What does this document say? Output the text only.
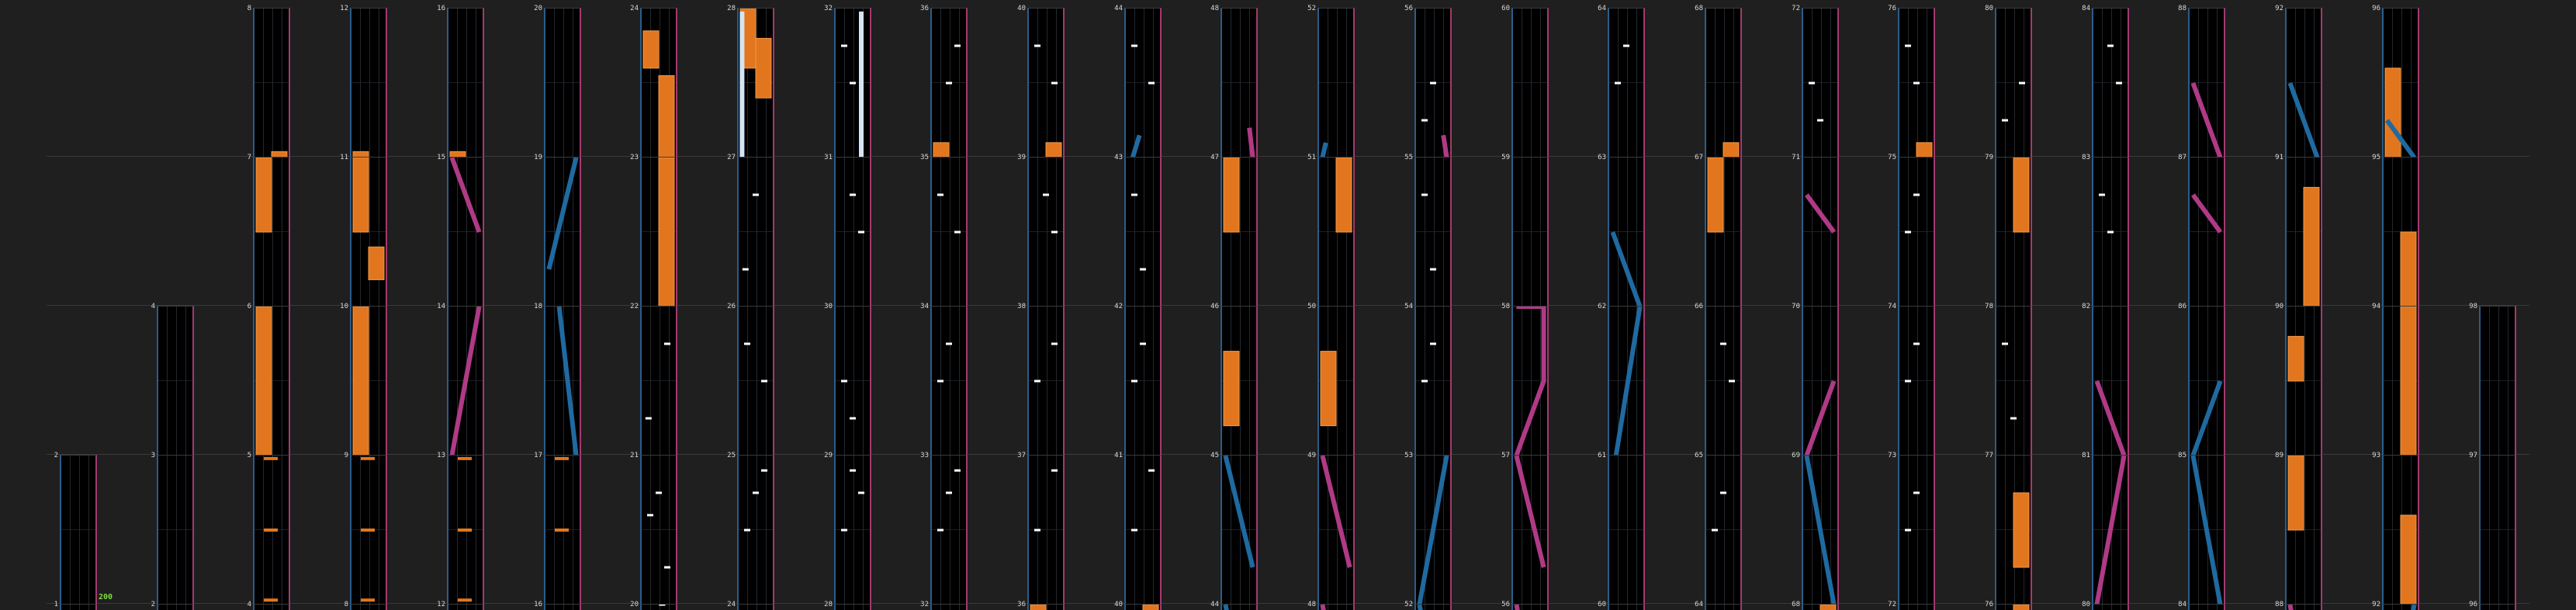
200
1
2
2
3
4
4
5
6
7
8
8
9
10
11
12
12
13
14
15
16
16
17
18
19
20
20
21
22
23
24
24
25
26
27
28
28
29
30
31
32
32
33
34
35
36
36
37
38
39
40
40
41
42
43
44
44
45
46
47
48
48
49
50
51
52
52
53
54
55
56
56
57
58
59
60
60
61
62
63
64
64
65
66
67
68
68
69
70
71
72
72
73
74
75
76
76
77
78
79
80
80
81
82
83
84
84
85
86
87
88
88
89
90
91
92
92
93
94
95
96
96
97
98
